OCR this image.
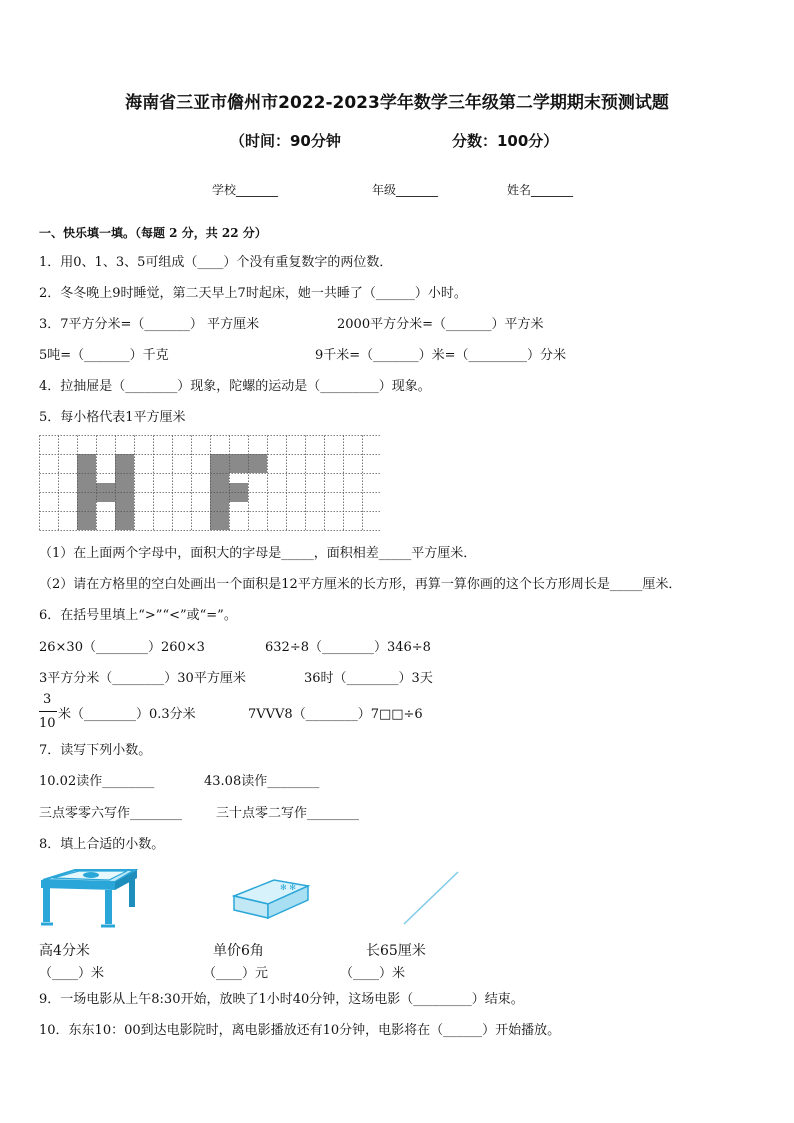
海南省三亚市儋州市2022-2023学年数学三年级第二学期期末预测试题
（时间：90分钟	分数：100分）
学校_______	年级_______	姓名_______
一、快乐填一填。（每题 2 分，共 22 分）
1．用0、1、3、5可组成（____）个没有重复数字的两位数．
2．冬冬晚上9时睡觉，第二天早上7时起床，她一共睡了（______）小时。
3．7平方分米=（_______） 平方厘米	2000平方分米=（_______）平方米
5吨=（_______）千克	9千米=（_______）米=（_________）分米
4．拉抽屉是（________）现象，陀螺的运动是（_________）现象。
5．每小格代表1平方厘米
（1）在上面两个字母中，面积大的字母是_____，面积相差_____平方厘米．
（2）请在方格里的空白处画出一个面积是12平方厘米的长方形，再算一算你画的这个长方形周长是_____厘米．
6．在括号里填上“>”“<”或“=”。
26×30（________）260×3	632÷8（________）346÷8
3平方分米（________）30平方厘米	36时（________）3天
3
10
米（________）0.3分米	7VVV8（________）7□□÷6
7．读写下列小数。
10.02读作________	43.08读作________
三点零零六写作________	三十点零二写作________
8．填上合适的小数。
✻ ✻
高4分米	单价6角	长65厘米
（____）米	（____）元	（____）米
9．一场电影从上午8:30开始，放映了1小时40分钟，这场电影（_________）结束。
10．东东10：00到达电影院时，离电影播放还有10分钟，电影将在（______）开始播放。
